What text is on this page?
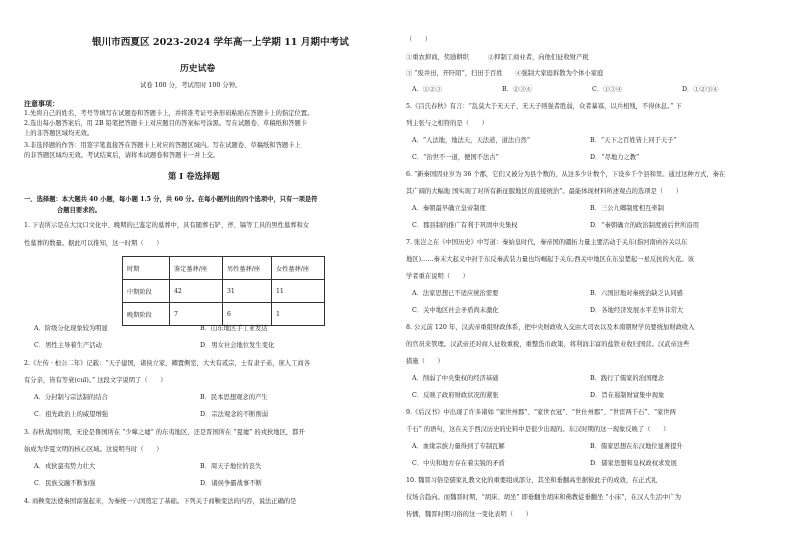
银川市西夏区 2023-2024 学年高一上学期 11 月期中考试
历史试卷
试卷 100 分，考试用时 100 分钟。
注意事项：
1.先将自己的姓名、考号等填写在试题卷和答题卡上，并将准考证号条形码粘贴在答题卡上的指定位置。
2.选出每小题答案后，用 2B 铅笔把答题卡上对应题目的答案标号涂黑。写在试题卷、草稿纸和答题卡
上的非答题区域均无效。
3.非选择题的作答：用签字笔直接答在答题卡上对应的答题区域内。写在试题卷、草稿纸和答题卡上
的非答题区域均无效。考试结束后，请将本试题卷和答题卡一并上交。
第 I 卷选择题
一、选择题：本大题共 40 小题，每小题 1.5 分，共 60 分。在每小题列出的四个选项中，只有一项是符
合题目要求的。
1. 下表所示是在大汶口文化中、晚期的已鉴定的墓葬中，具有随葬石铲、斧、镐等工具的男性墓葬和女
性墓葬的数量。据此可以推知，这一时期（　　）
时期	鉴定墓葬/座	男性墓葬/座	女性墓葬/座
中期阶段	42	31	11
晚期阶段	7	6	1
A．阶级分化现象较为明显	B．山东地区手工业发达
C．男性主导着生产活动	D．男女社会地位发生变化
2.《左传 · 桓公二年》记载：“天子建国，诸侯立家，卿置侧室，大夫有贰宗，士有隶子弟，庶人工商各
有分亲，皆有等衰(cuī)。” 这段文字说明了（　　）
A．分封制与宗法制的结合	B．民本思想观念的产生
C．祖先政治上的威望增强	D．宗法观念的不断削弱
3. 春秋战国时期，无论是鲁国所在 “少嗥之墟” 的东夷地区，还是晋国所在 “夏墟” 的戎狄地区，都开
始成为华夏文明的核心区域。这说明当时（　　）
A．戎狄蛮夷势力壮大	B．周天子地位的丧失
C．民族交融不断加强	D．诸侯争霸战事不断
4. 商鞅变法使秦国富强起来，为秦统一六国奠定了基础。下列关于商鞅变法的内容，说法正确的是
（　　）
①重农抑商，奖励耕织　　　②抑制工商业者，向他们征收财产税
③ “废井田，开阡陌”，扫田于百姓　　④强制大家庭拆散为个体小家庭
A．①②③	B．②③④	C．①③④	D．①②③④
5.《吕氏春秋》有言：“乱莫大于无天子，无天子则强者胜弱，众者暴寡，以兵相残，不得休息。” 下
列主张与之相符的是（　　）
A．“人法地，地法天，天法道，道法自然”	B．“天下之百姓皆上同于天子”
C．“治世不一道，便国不法古”	D．“尽地力之教”
6. “新秦国因业岁为 36 个郡，它们又被分为县个数的，从这多少计数个，下设乡千个县和里。通过这种方式，秦在
其广阔的大幅地 国实现了对所有新征服地区的直接统治”。最能体现材料所述观点的选项是（　　）
A．秦朝最早确立皇帝制度	B．三公九卿制度相互牵制
C．郡县制的推广有利于巩固中央集权	D．“秦朝确立的政治制度被后世所沿用
7. 张岂之在《中国历史》中写道：秦始皇时代，秦帝国的疆拓力量主要活动于关东(指河南函谷关以东
地区)……秦末大起义中封于东反秦武装力量也均崛起于关东;西关中地区在东皇楚起一星反抗的火花。该
学者重在说明（　　）
A．法家思想已不适应统治需要	B．六国旧地对秦统治缺乏认同感
C．关中地区社会矛盾尚未激化	D．各地经济发展水平差异非常大
8. 公元前 120 年，汉武帝重组财政体系，把中央财政收入交由大司农以及本南朝财学员要统加财政收入
的官员来管理。汉武帝还对商人征收重税，重整货币政策，将利润丰富的盐铁业收归国营。汉武帝这些
措施（　　）
A．削弱了中央集权的经济基础	B．践行了儒家的治国理念
C．反映了政府财政状况的紧张	D．旨在遏制财富集中现象
9.《后汉书》中出现了许多诸如 “家世州郡”、“家世衣冠”、“世仕州郡”、“世宦两千石”、“家世两
千石” 的语句，这在关于西汉历史的史料中是很少出现的。东汉时期的这一现象反映了（　　）
A．血缘宗族力量得到了专制瓦解	B．儒家思想在东汉地位显著提升
C．中央和地方存在着尖锐的矛盾	D．儒家思想和皇权政权求发展
10. 魏晋习俗是儒家礼教文化的重要组成部分，其坐和垂翻高坐据彼此子的成效，在正式礼
仪场合趋向。而魏晋时期，“胡床、胡坐” 即垂翻坐胡床和佛教徒垂翻坐 “小床”，在汉人生活中广为
传播，魏晋时期习俗的这一变化表明（　　）
